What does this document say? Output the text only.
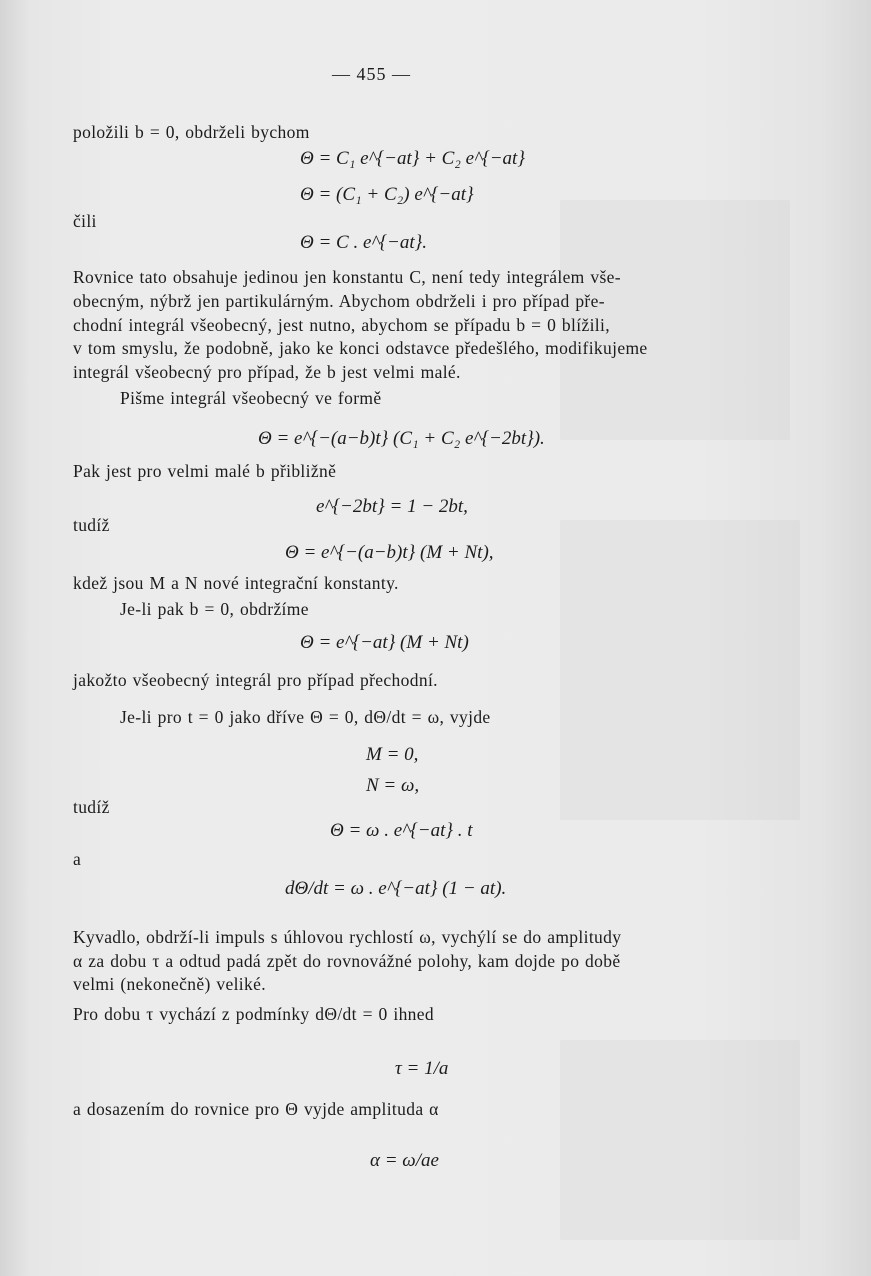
— 455 —
položili b = 0, obdrželi bychom
Θ = C₁ e^{−at} + C₂ e^{−at}
Θ = (C₁ + C₂) e^{−at}
čili
Θ = C . e^{−at}.
Rovnice tato obsahuje jedinou jen konstantu C, není tedy integrálem vše-
obecným, nýbrž jen partikulárným. Abychom obdrželi i pro případ pře-
chodní integrál všeobecný, jest nutno, abychom se případu b = 0 blížili,
v tom smyslu, že podobně, jako ke konci odstavce předešlého, modifikujeme
integrál všeobecný pro případ, že b jest velmi malé.
Pišme integrál všeobecný ve formě
Θ = e^{−(a−b)t} (C₁ + C₂ e^{−2bt}).
Pak jest pro velmi malé b přibližně
e^{−2bt} = 1 − 2bt,
tudíž
Θ = e^{−(a−b)t} (M + Nt),
kdež jsou M a N nové integrační konstanty.
Je-li pak b = 0, obdržíme
Θ = e^{−at} (M + Nt)
jakožto všeobecný integrál pro případ přechodní.
Je-li pro t = 0 jako dříve Θ = 0, dΘ/dt = ω, vyjde
M = 0,
N = ω,
tudíž
Θ = ω . e^{−at} . t
a
dΘ/dt = ω . e^{−at} (1 − at).
Kyvadlo, obdrží-li impuls s úhlovou rychlostí ω, vychýlí se do amplitudy
α za dobu τ a odtud padá zpět do rovnovážné polohy, kam dojde po době
velmi (nekonečně) veliké.
Pro dobu τ vychází z podmínky dΘ/dt = 0 ihned
τ = 1/a
a dosazením do rovnice pro Θ vyjde amplituda α
α = ω/ae
